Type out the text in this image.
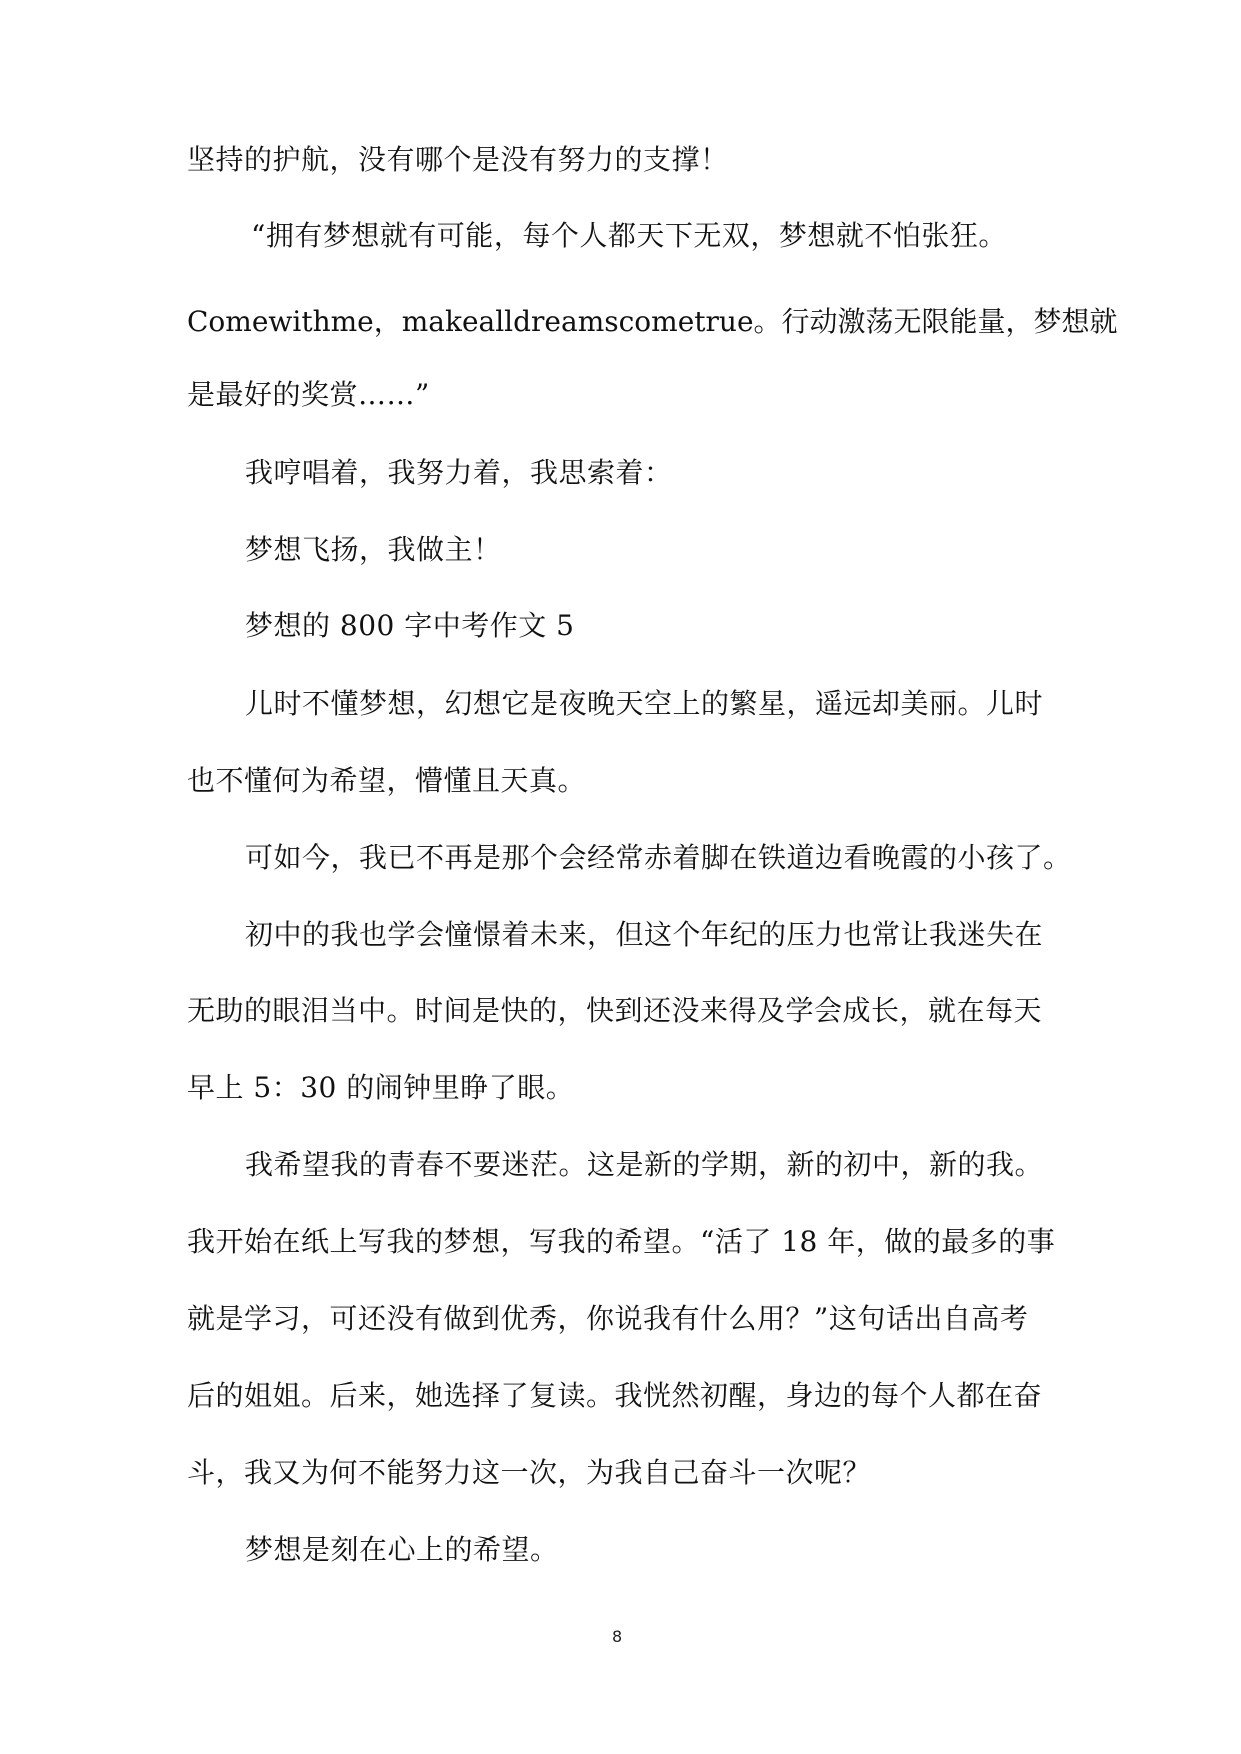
坚持的护航，没有哪个是没有努力的支撑！

“拥有梦想就有可能，每个人都天下无双，梦想就不怕张狂。

Comewithme，makealldreamscometrue。行动激荡无限能量，梦想就

是最好的奖赏……”

我哼唱着，我努力着，我思索着：

梦想飞扬，我做主！

梦想的 800 字中考作文 5

儿时不懂梦想，幻想它是夜晚天空上的繁星，遥远却美丽。儿时

也不懂何为希望，懵懂且天真。

可如今，我已不再是那个会经常赤着脚在铁道边看晚霞的小孩了。

初中的我也学会憧憬着未来，但这个年纪的压力也常让我迷失在

无助的眼泪当中。时间是快的，快到还没来得及学会成长，就在每天

早上 5：30 的闹钟里睁了眼。

我希望我的青春不要迷茫。这是新的学期，新的初中，新的我。

我开始在纸上写我的梦想，写我的希望。“活了 18 年，做的最多的事

就是学习，可还没有做到优秀，你说我有什么用？”这句话出自高考

后的姐姐。后来，她选择了复读。我恍然初醒，身边的每个人都在奋

斗，我又为何不能努力这一次，为我自己奋斗一次呢？

梦想是刻在心上的希望。

8
